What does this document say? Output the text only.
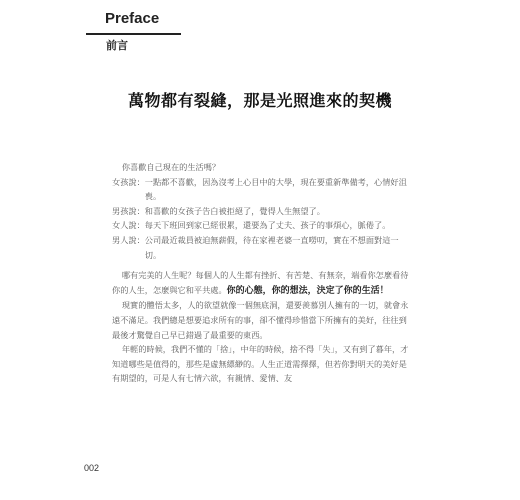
Preface
前言
萬物都有裂縫，那是光照進來的契機

你喜歡自己現在的生活嗎？

女孩說： 一點都不喜歡，因為沒考上心目中的大學，現在要重新準備考，心情好沮喪。
男孩說： 和喜歡的女孩子告白被拒絕了，覺得人生無望了。
女人說： 每天下班回到家已經很累，還要為了丈夫、孩子的事煩心，脈倦了。
男人說： 公司最近裁員被迫無薪假，待在家裡老婆一直嘮叨，實在不想面對這一切。

哪有完美的人生呢？每個人的人生都有挫折、有苦楚、有無奈，端看你怎麼看待你的人生，怎麼與它和平共處。你的心態，你的想法，決定了你的生活！

現實的體悟太多，人的欲望就像一個無底洞，還要羨慕別人擁有的一切，就會永遠不滿足。我們總是想要追求所有的事，卻不懂得珍惜當下所擁有的美好，往往到最後才驚覺自己早已錯過了最重要的東西。

年輕的時候，我們不懂的「捨」，中年的時候，捨不得「失」，又有到了暮年，才知道哪些是值得的，那些是虛無縹緲的。人生正道需擇擇，但若你對明天的美好是有期望的，可是人有七情六欲，有親情、愛情、友

002
